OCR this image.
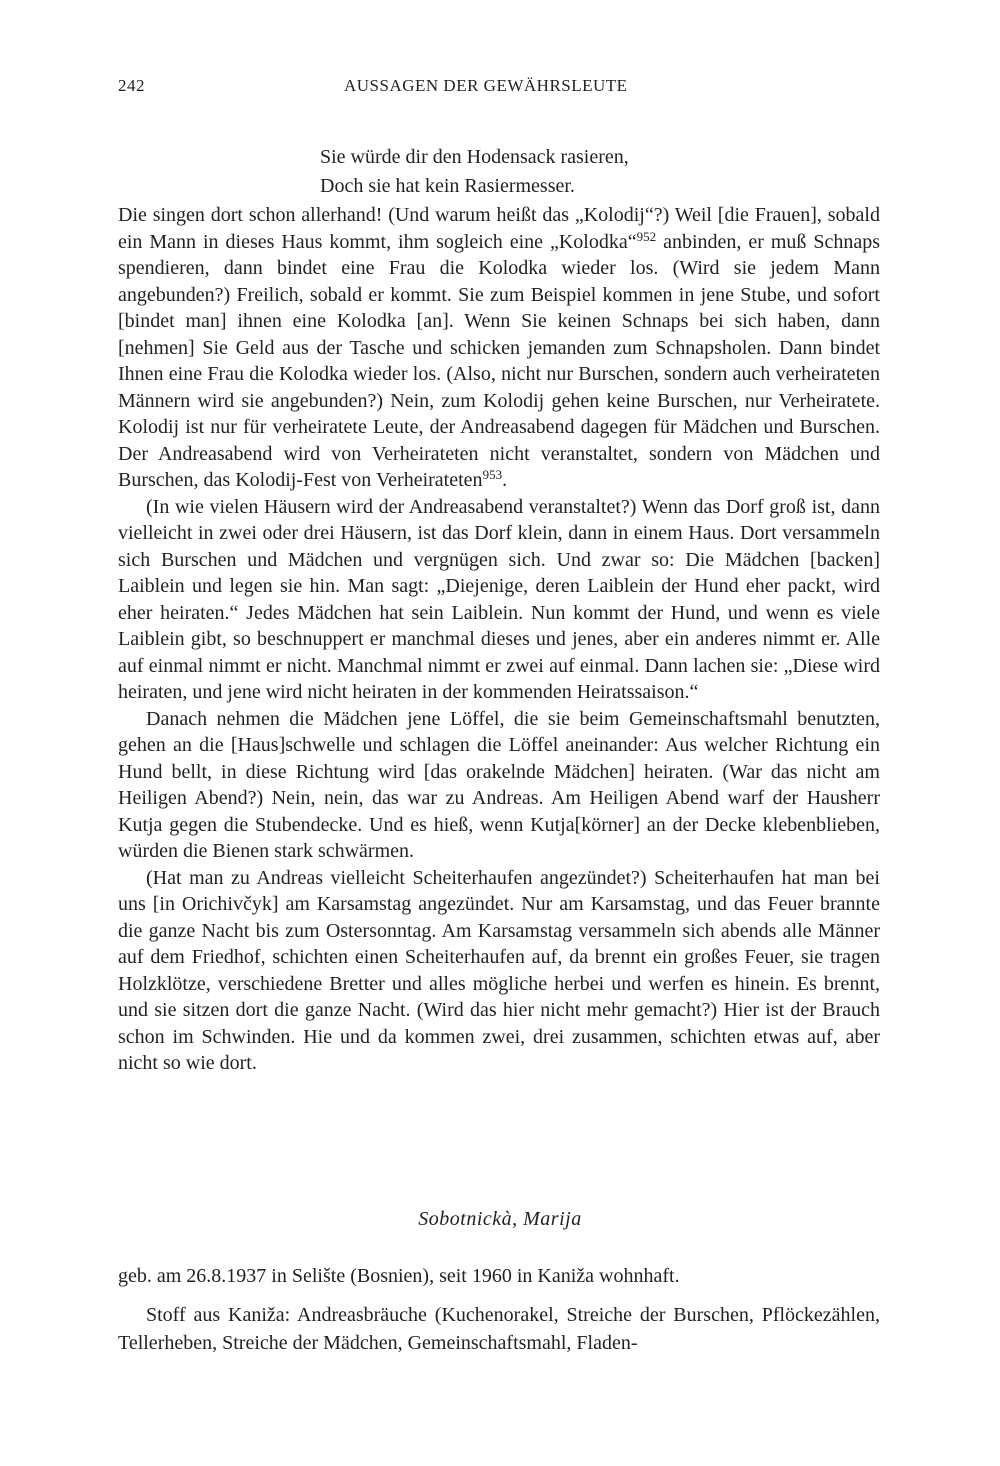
242	AUSSAGEN DER GEWÄHRSLEUTE
Sie würde dir den Hodensack rasieren,
Doch sie hat kein Rasiermesser.

Die singen dort schon allerhand! (Und warum heißt das „Kolodij“?) Weil [die Frauen], sobald ein Mann in dieses Haus kommt, ihm sogleich eine „Kolodka“$^{952}$ anbinden, er muß Schnaps spendieren, dann bindet eine Frau die Kolodka wieder los. (Wird sie jedem Mann angebunden?) Freilich, sobald er kommt. Sie zum Beispiel kommen in jene Stube, und sofort [bindet man] ihnen eine Kolodka [an]. Wenn Sie keinen Schnaps bei sich haben, dann [nehmen] Sie Geld aus der Tasche und schicken jemanden zum Schnapsholen. Dann bindet Ihnen eine Frau die Kolodka wieder los. (Also, nicht nur Burschen, sondern auch verheirateten Männern wird sie angebunden?) Nein, zum Kolodij gehen keine Burschen, nur Verheiratete. Kolodij ist nur für verheiratete Leute, der Andreasabend dagegen für Mädchen und Burschen. Der Andreasabend wird von Verheirateten nicht veranstaltet, sondern von Mädchen und Burschen, das Kolodij-Fest von Verheirateten$^{953}$.

(In wie vielen Häusern wird der Andreasabend veranstaltet?) Wenn das Dorf groß ist, dann vielleicht in zwei oder drei Häusern, ist das Dorf klein, dann in einem Haus. Dort versammeln sich Burschen und Mädchen und vergnügen sich. Und zwar so: Die Mädchen [backen] Laiblein und legen sie hin. Man sagt: „Diejenige, deren Laiblein der Hund eher packt, wird eher heiraten.“ Jedes Mädchen hat sein Laiblein. Nun kommt der Hund, und wenn es viele Laiblein gibt, so beschnuppert er manchmal dieses und jenes, aber ein anderes nimmt er. Alle auf einmal nimmt er nicht. Manchmal nimmt er zwei auf einmal. Dann lachen sie: „Diese wird heiraten, und jene wird nicht heiraten in der kommenden Heiratssaison.“

Danach nehmen die Mädchen jene Löffel, die sie beim Gemeinschaftsmahl benutzten, gehen an die [Haus]schwelle und schlagen die Löffel aneinander: Aus welcher Richtung ein Hund bellt, in diese Richtung wird [das orakelnde Mädchen] heiraten. (War das nicht am Heiligen Abend?) Nein, nein, das war zu Andreas. Am Heiligen Abend warf der Hausherr Kutja gegen die Stubendecke. Und es hieß, wenn Kutja[körner] an der Decke klebenblieben, würden die Bienen stark schwärmen.

(Hat man zu Andreas vielleicht Scheiterhaufen angezündet?) Scheiterhaufen hat man bei uns [in Orichivčyk] am Karsamstag angezündet. Nur am Karsamstag, und das Feuer brannte die ganze Nacht bis zum Ostersonntag. Am Karsamstag versammeln sich abends alle Männer auf dem Friedhof, schichten einen Scheiterhaufen auf, da brennt ein großes Feuer, sie tragen Holzklötze, verschiedene Bretter und alles mögliche herbei und werfen es hinein. Es brennt, und sie sitzen dort die ganze Nacht. (Wird das hier nicht mehr gemacht?) Hier ist der Brauch schon im Schwinden. Hie und da kommen zwei, drei zusammen, schichten etwas auf, aber nicht so wie dort.

Sobotnickà, Marija
geb. am 26.8.1937 in Selište (Bosnien), seit 1960 in Kaniža wohnhaft.
Stoff aus Kaniža: Andreasbräuche (Kuchenorakel, Streiche der Burschen, Pflöckezählen, Tellerheben, Streiche der Mädchen, Gemeinschaftsmahl, Fladen-
